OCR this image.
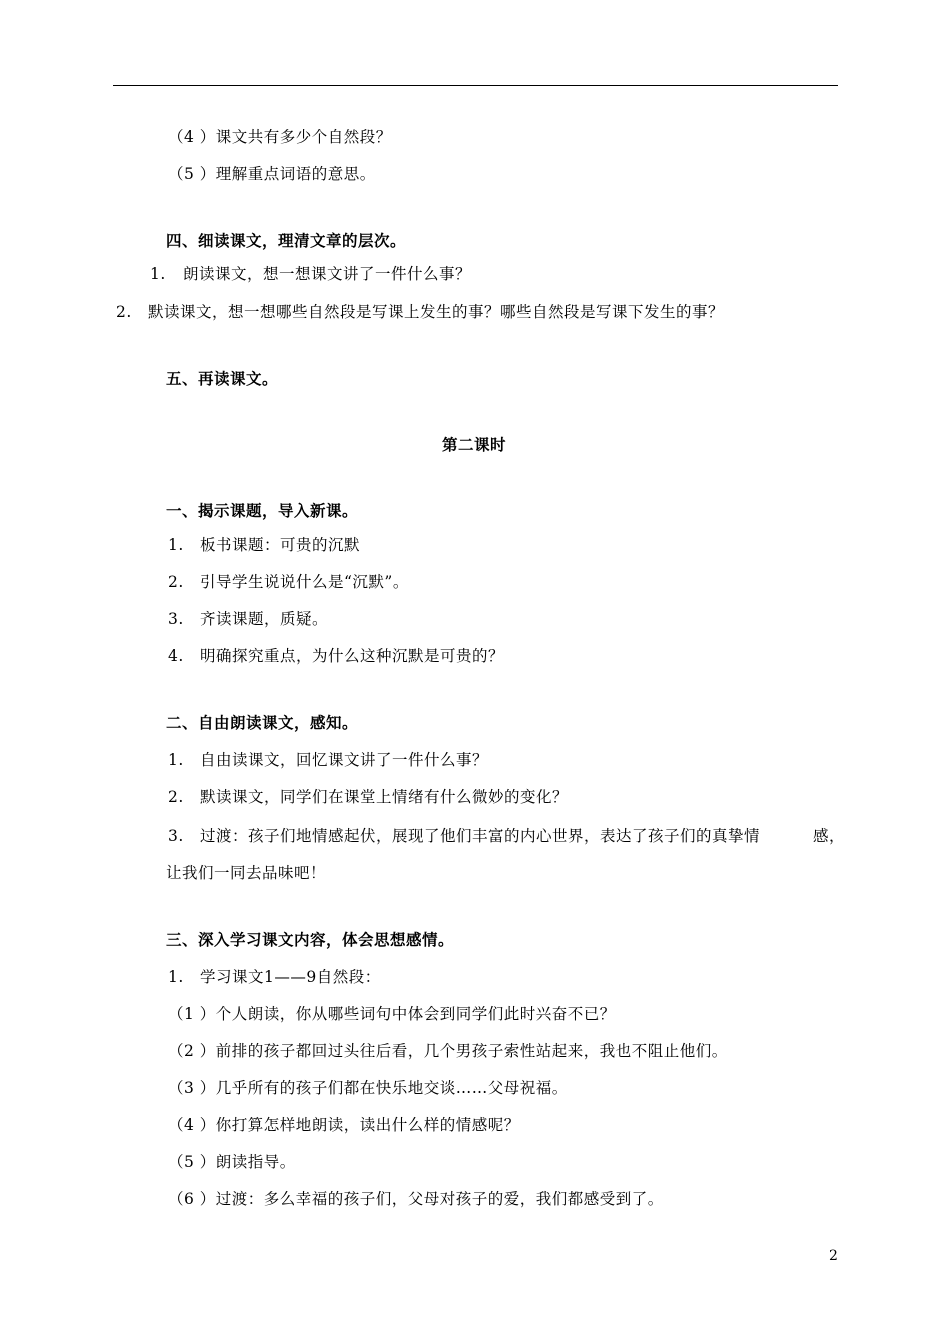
（4 ）课文共有多少个自然段？
（5 ）理解重点词语的意思。
四、细读课文，理清文章的层次。
1. 朗读课文，想一想课文讲了一件什么事？
2. 默读课文，想一想哪些自然段是写课上发生的事？哪些自然段是写课下发生的事？
五、再读课文。
第二课时
一、揭示课题，导入新课。
1. 板书课题：可贵的沉默
2. 引导学生说说什么是“沉默”。
3. 齐读课题，质疑。
4. 明确探究重点，为什么这种沉默是可贵的？
二、自由朗读课文，感知。
1. 自由读课文，回忆课文讲了一件什么事？
2. 默读课文，同学们在课堂上情绪有什么微妙的变化？
3. 过渡：孩子们地情感起伏，展现了他们丰富的内心世界，表达了孩子们的真挚情	感，
让我们一同去品味吧！
三、深入学习课文内容，体会思想感情。
1. 学习课文1——9自然段：
（1 ）个人朗读，你从哪些词句中体会到同学们此时兴奋不已？
（2 ）前排的孩子都回过头往后看，几个男孩子索性站起来，我也不阻止他们。
（3 ）几乎所有的孩子们都在快乐地交谈……父母祝福。
（4 ）你打算怎样地朗读，读出什么样的情感呢？
（5 ）朗读指导。
（6 ）过渡：多么幸福的孩子们，父母对孩子的爱，我们都感受到了。
2
